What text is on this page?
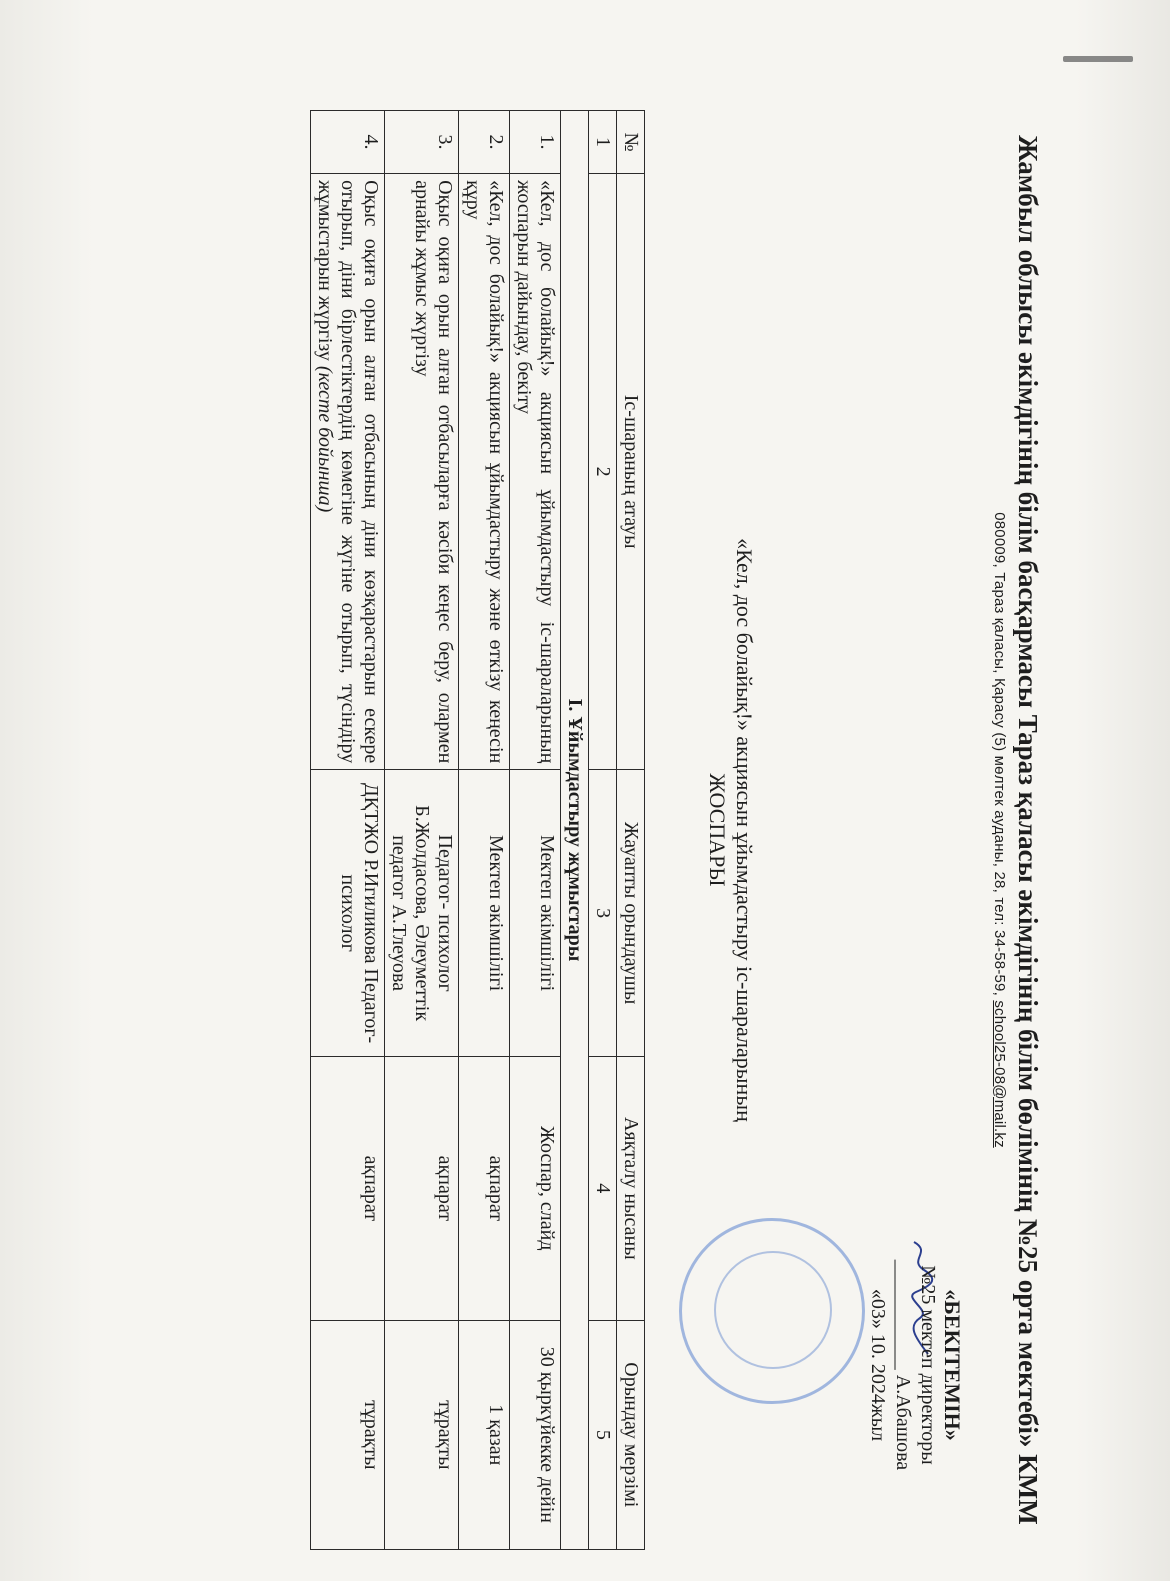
Жамбыл облысы әкімдігінің білім басқармасы Тараз қаласы әкімдігінің білім бөлімінің №25 орта мектебі» КММ
080009, Тараз қаласы, Қарасу (5) мөлтек ауданы, 28, тел: 34-58-59, school25-08@mail.kz
«БЕКІТЕМІН»
№25 мектеп директоры
___________ А.Абашова
«03» 10. 2024жыл
«Кел, дос болайық!» акциясын ұйымдастыру іс-шараларының
ЖОСПАРЫ
№	Іс-шараның атауы	Жауапты орындаушы	Аяқталу нысаны	Орындау мерзімі
1	2	3	4	5
I. Ұйымдастыру жұмыстары				
1.	«Кел, дос болайық!» акциясын ұйымдастыру іс-шараларының жоспарын дайындау, бекіту	Мектеп әкімшілігі	Жоспар, слайд	30 қыркүйекке дейін
2.	«Кел, дос болайық!» акциясын ұйымдастыру және өткізу кеңесін құру	Мектеп әкімшілігі	ақпарат	1 қазан
3.	Оқыс оқиға орын алған отбасыларға кәсіби кеңес беру, олармен арнайы жұмыс жүргізу	Педагог- психолог Б.Жолдасова, Әлеуметтік педагог А.Тлеуова	ақпарат	тұрақты
4.	Оқыс оқиға орын алған отбасының діни көзқарастарын ескере отырып, діни бірлестіктердің көмегіне жүгіне отырып, түсіндіру жұмыстарын жүргізу (кесте бойынша)	ДҚТЖО Р.Игиликова Педагог- психолог	ақпарат	тұрақты
